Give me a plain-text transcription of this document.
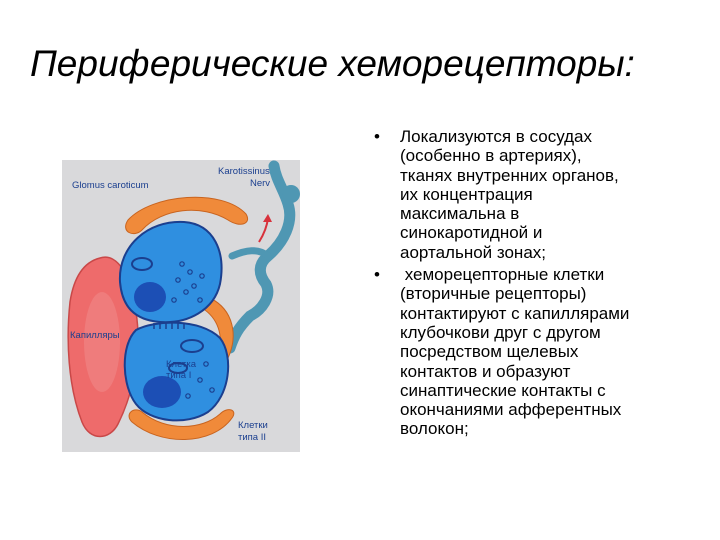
Периферические хеморецепторы:
Glomus caroticum
Karotissinus
Nerv
Капилляры
Клетка
типа I
Клетки
типа II
• Локализуются в сосудах
(особенно в артериях),
тканях внутренних органов,
их концентрация
максимальна в
синокаротидной и
аортальной зонах;
• хеморецепторные клетки
(вторичные рецепторы)
контактируют с капиллярами
клубочкови друг с другом
посредством щелевых
контактов и образуют
синаптические контакты с
окончаниями афферентных
волокон;
